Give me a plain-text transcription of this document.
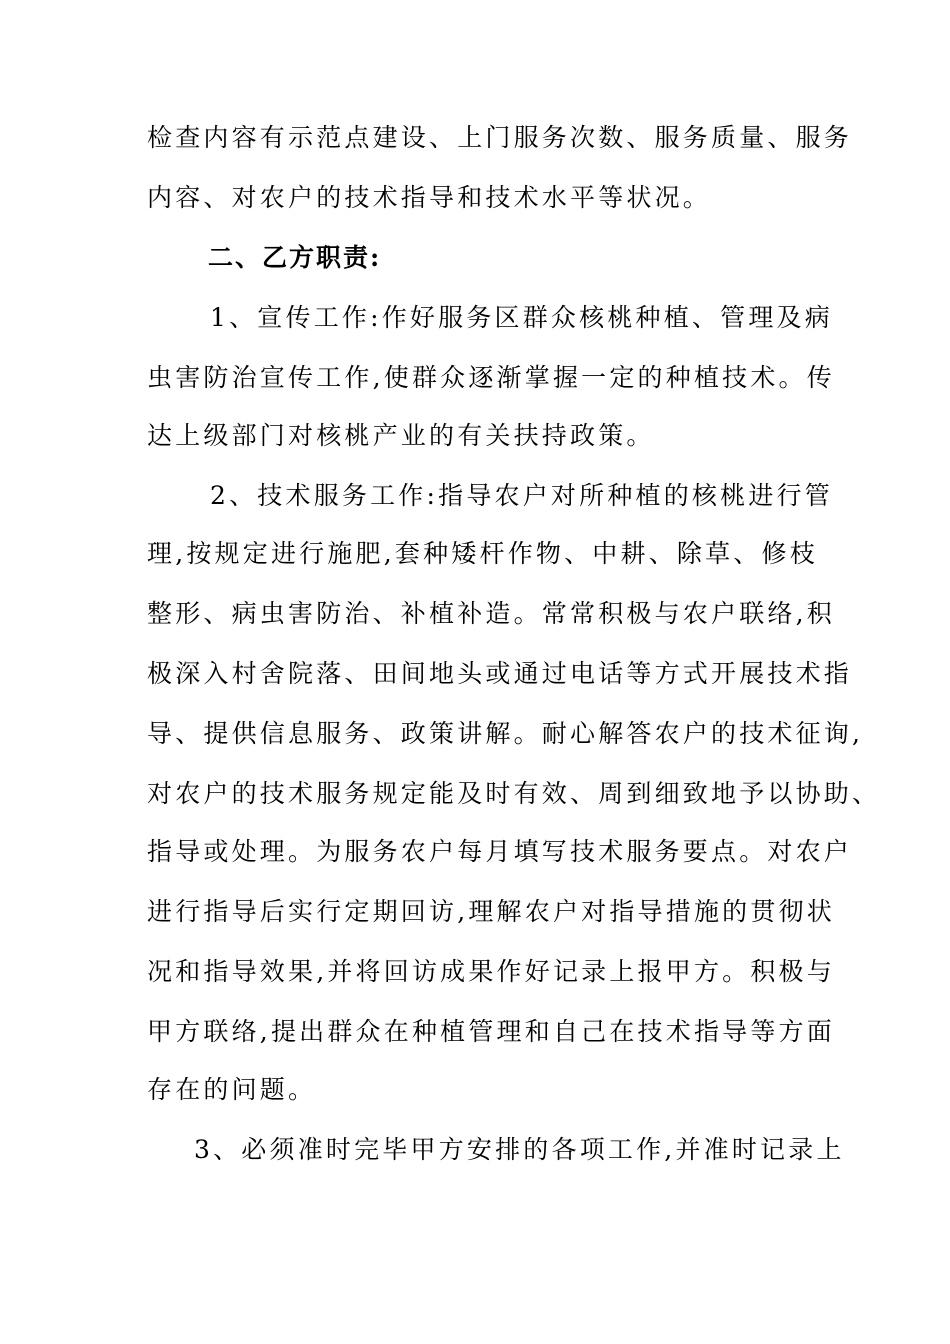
检查内容有示范点建设、上门服务次数、服务质量、服务
内容、对农户的技术指导和技术水平等状况。
二、乙方职责:
1、宣传工作:作好服务区群众核桃种植、管理及病
虫害防治宣传工作,使群众逐渐掌握一定的种植技术。传
达上级部门对核桃产业的有关扶持政策。
2、技术服务工作:指导农户对所种植的核桃进行管
理,按规定进行施肥,套种矮杆作物、中耕、除草、修枝
整形、病虫害防治、补植补造。常常积极与农户联络,积
极深入村舍院落、田间地头或通过电话等方式开展技术指
导、提供信息服务、政策讲解。耐心解答农户的技术征询,
对农户的技术服务规定能及时有效、周到细致地予以协助、
指导或处理。为服务农户每月填写技术服务要点。对农户
进行指导后实行定期回访,理解农户对指导措施的贯彻状
况和指导效果,并将回访成果作好记录上报甲方。积极与
甲方联络,提出群众在种植管理和自己在技术指导等方面
存在的问题。
3、必须准时完毕甲方安排的各项工作,并准时记录上
